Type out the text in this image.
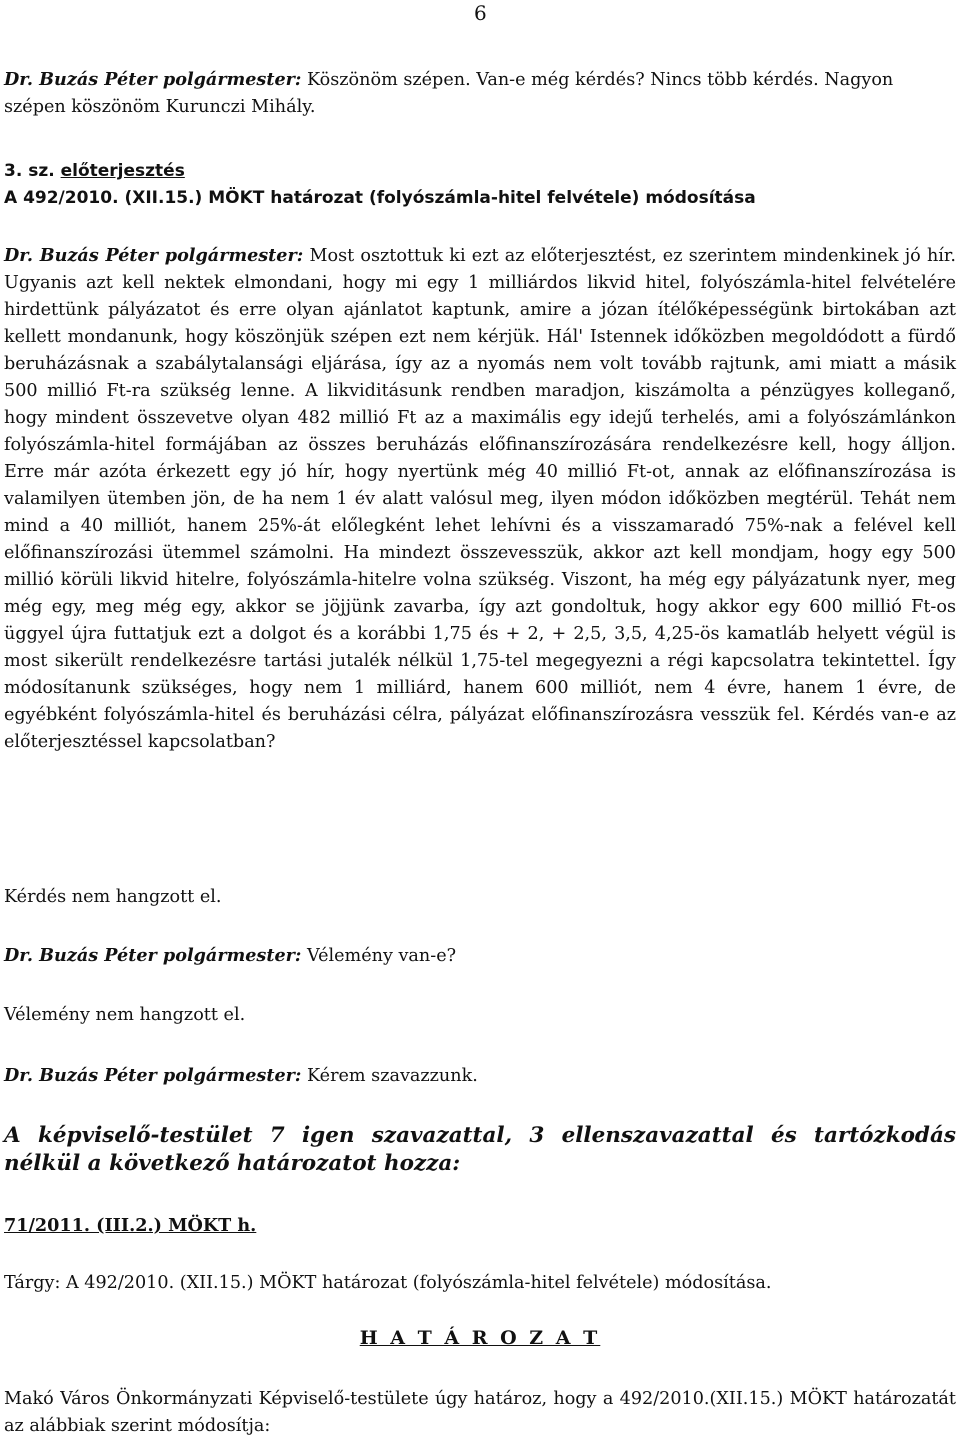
6
Dr. Buzás Péter polgármester: Köszönöm szépen. Van-e még kérdés? Nincs több kérdés. Nagyon szépen köszönöm Kurunczi Mihály.
3. sz. előterjesztés
A 492/2010. (XII.15.) MÖKT határozat (folyószámla-hitel felvétele) módosítása
Dr. Buzás Péter polgármester: Most osztottuk ki ezt az előterjesztést, ez szerintem mindenkinek jó hír. Ugyanis azt kell nektek elmondani, hogy mi egy 1 milliárdos likvid hitel, folyószámla-hitel felvételére hirdettünk pályázatot és erre olyan ajánlatot kaptunk, amire a józan ítélőképességünk birtokában azt kellett mondanunk, hogy köszönjük szépen ezt nem kérjük. Hál' Istennek időközben megoldódott a fürdő beruházásnak a szabálytalansági eljárása, így az a nyomás nem volt tovább rajtunk, ami miatt a másik 500 millió Ft-ra szükség lenne. A likviditásunk rendben maradjon, kiszámolta a pénzügyes kolleganő, hogy mindent összevetve olyan 482 millió Ft az a maximális egy idejű terhelés, ami a folyószámlánkon folyószámla-hitel formájában az összes beruházás előfinanszírozására rendelkezésre kell, hogy álljon. Erre már azóta érkezett egy jó hír, hogy nyertünk még 40 millió Ft-ot, annak az előfinanszírozása is valamilyen ütemben jön, de ha nem 1 év alatt valósul meg, ilyen módon időközben megtérül. Tehát nem mind a 40 milliót, hanem 25%-át előlegként lehet lehívni és a visszamaradó 75%-nak a felével kell előfinanszírozási ütemmel számolni. Ha mindezt összevesszük, akkor azt kell mondjam, hogy egy 500 millió körüli likvid hitelre, folyószámla-hitelre volna szükség. Viszont, ha még egy pályázatunk nyer, meg még egy, meg még egy, akkor se jöjjünk zavarba, így azt gondoltuk, hogy akkor egy 600 millió Ft-os üggyel újra futtatjuk ezt a dolgot és a korábbi 1,75 és + 2, + 2,5, 3,5, 4,25-ös kamatláb helyett végül is most sikerült rendelkezésre tartási jutalék nélkül 1,75-tel megegyezni a régi kapcsolatra tekintettel. Így módosítanunk szükséges, hogy nem 1 milliárd, hanem 600 milliót, nem 4 évre, hanem 1 évre, de egyébként folyószámla-hitel és beruházási célra, pályázat előfinanszírozásra vesszük fel. Kérdés van-e az előterjesztéssel kapcsolatban?
Kérdés nem hangzott el.
Dr. Buzás Péter polgármester: Vélemény van-e?
Vélemény nem hangzott el.
Dr. Buzás Péter polgármester: Kérem szavazzunk.
A képviselő-testület 7 igen szavazattal, 3 ellenszavazattal és tartózkodás nélkül a következő határozatot hozza:
71/2011. (III.2.) MÖKT h.
Tárgy: A 492/2010. (XII.15.) MÖKT határozat (folyószámla-hitel felvétele) módosítása.
H A T Á R O Z A T
Makó Város Önkormányzati Képviselő-testülete úgy határoz, hogy a 492/2010.(XII.15.) MÖKT határozatát az alábbiak szerint módosítja:
